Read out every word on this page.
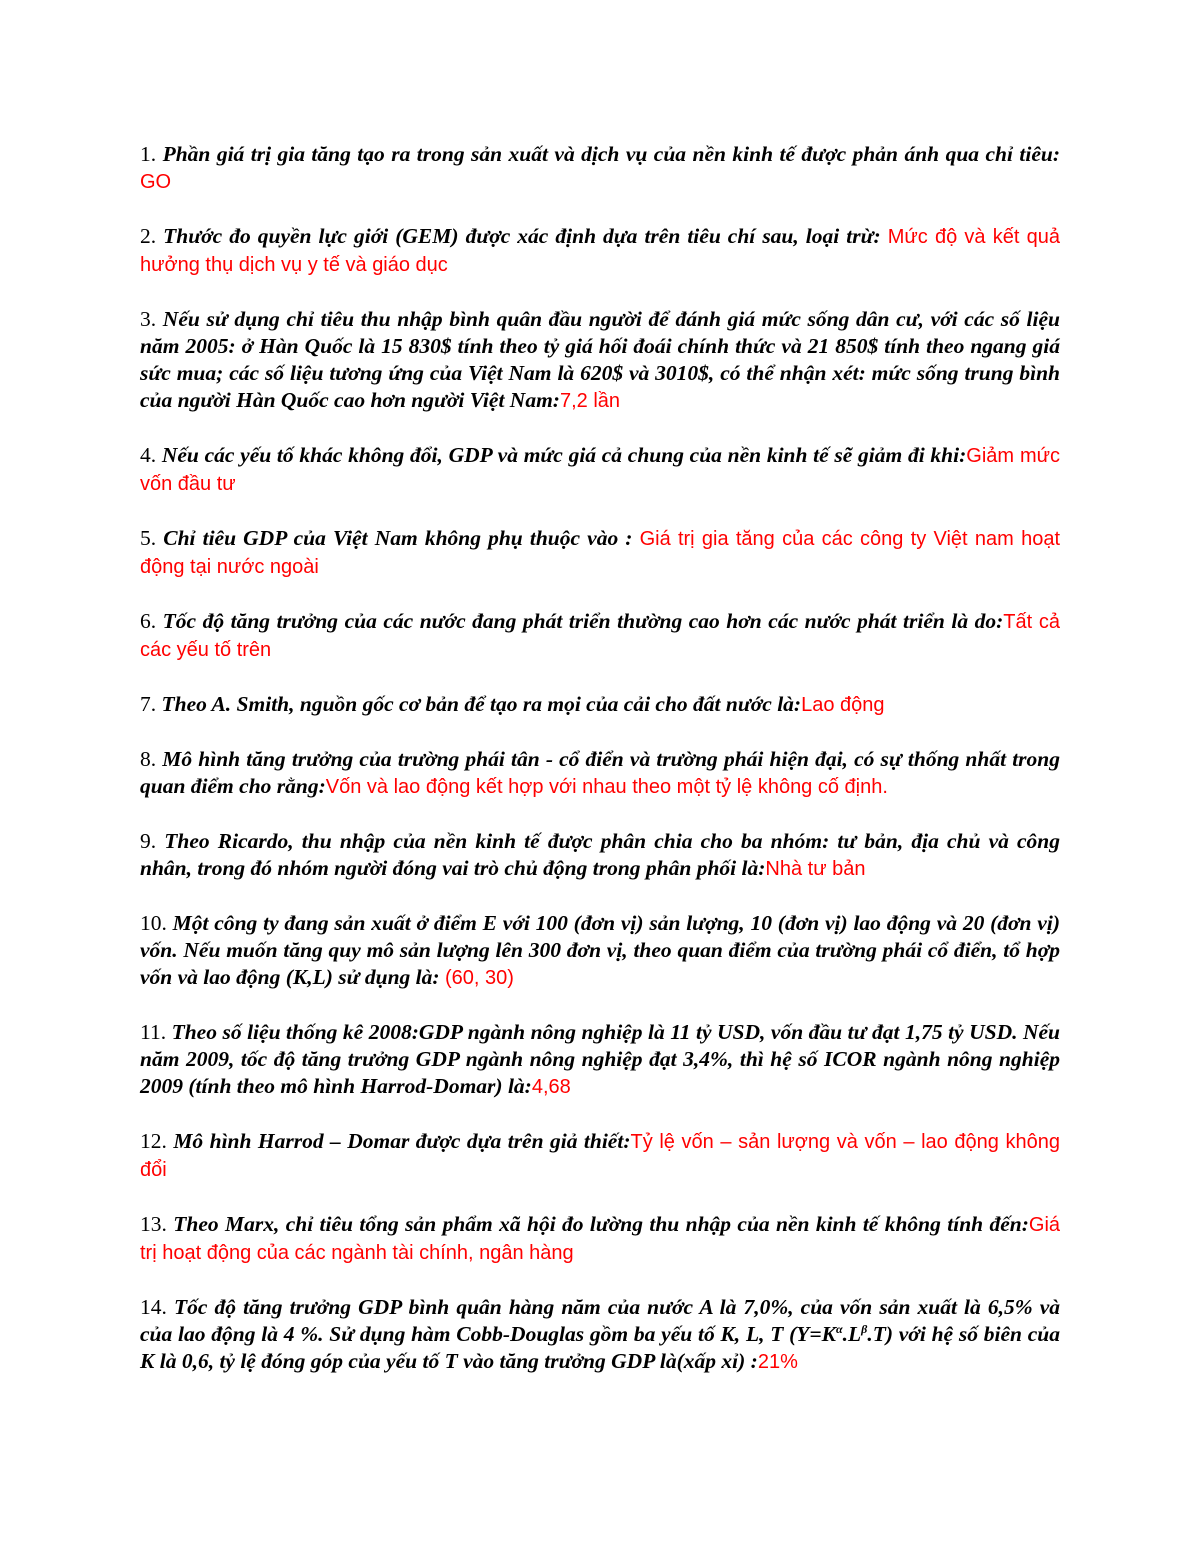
1. Phần giá trị gia tăng tạo ra trong sản xuất và dịch vụ của nền kinh tế được phản ánh qua chỉ tiêu: GO

2. Thước đo quyền lực giới (GEM) được xác định dựa trên tiêu chí sau, loại trừ: Mức độ và kết quả hưởng thụ dịch vụ y tế và giáo dục

3. Nếu sử dụng chỉ tiêu thu nhập bình quân đầu người để đánh giá mức sống dân cư, với các số liệu năm 2005: ở Hàn Quốc là 15 830$ tính theo tỷ giá hối đoái chính thức và 21 850$ tính theo ngang giá sức mua; các số liệu tương ứng của Việt Nam là 620$ và 3010$, có thể nhận xét: mức sống trung bình của người Hàn Quốc cao hơn người Việt Nam:7,2 lần

4. Nếu các yếu tố khác không đổi, GDP và mức giá cả chung của nền kinh tế sẽ giảm đi khi:Giảm mức vốn đầu tư

5. Chỉ tiêu GDP của Việt Nam không phụ thuộc vào : Giá trị gia tăng của các công ty Việt nam hoạt động tại nước ngoài

6. Tốc độ tăng trưởng của các nước đang phát triển thường cao hơn các nước phát triển là do:Tất cả các yếu tố trên

7. Theo A. Smith, nguồn gốc cơ bản để tạo ra mọi của cải cho đất nước là:Lao động

8. Mô hình tăng trưởng của trường phái tân - cổ điển và trường phái hiện đại, có sự thống nhất trong quan điểm cho rằng:Vốn và lao động kết hợp với nhau theo một tỷ lệ không cố định.

9. Theo Ricardo, thu nhập của nền kinh tế được phân chia cho ba nhóm: tư bản, địa chủ và công nhân, trong đó nhóm người đóng vai trò chủ động trong phân phối là:Nhà tư bản

10. Một công ty đang sản xuất ở điểm E với 100 (đơn vị) sản lượng, 10 (đơn vị) lao động và 20 (đơn vị) vốn. Nếu muốn tăng quy mô sản lượng lên 300 đơn vị, theo quan điểm của trường phái cổ điển, tổ hợp vốn và lao động (K,L) sử dụng là: (60, 30)

11. Theo số liệu thống kê 2008:GDP ngành nông nghiệp là 11 tỷ USD, vốn đầu tư đạt 1,75 tỷ USD. Nếu năm 2009, tốc độ tăng trưởng GDP ngành nông nghiệp đạt 3,4%, thì hệ số ICOR ngành nông nghiệp 2009 (tính theo mô hình Harrod-Domar) là:4,68

12. Mô hình Harrod – Domar được dựa trên giả thiết:Tỷ lệ vốn – sản lượng và vốn – lao động không đổi

13. Theo Marx, chỉ tiêu tổng sản phẩm xã hội đo lường thu nhập của nền kinh tế không tính đến:Giá trị hoạt động của các ngành tài chính, ngân hàng

14. Tốc độ tăng trưởng GDP bình quân hàng năm của nước A là 7,0%, của vốn sản xuất là 6,5% và của lao động là 4 %. Sử dụng hàm Cobb-Douglas gồm ba yếu tố K, L, T $(Y=K^\alpha.L^\beta.T)$ với hệ số biên của K là 0,6, tỷ lệ đóng góp của yếu tố T vào tăng trưởng GDP là(xấp xỉ) :21%
